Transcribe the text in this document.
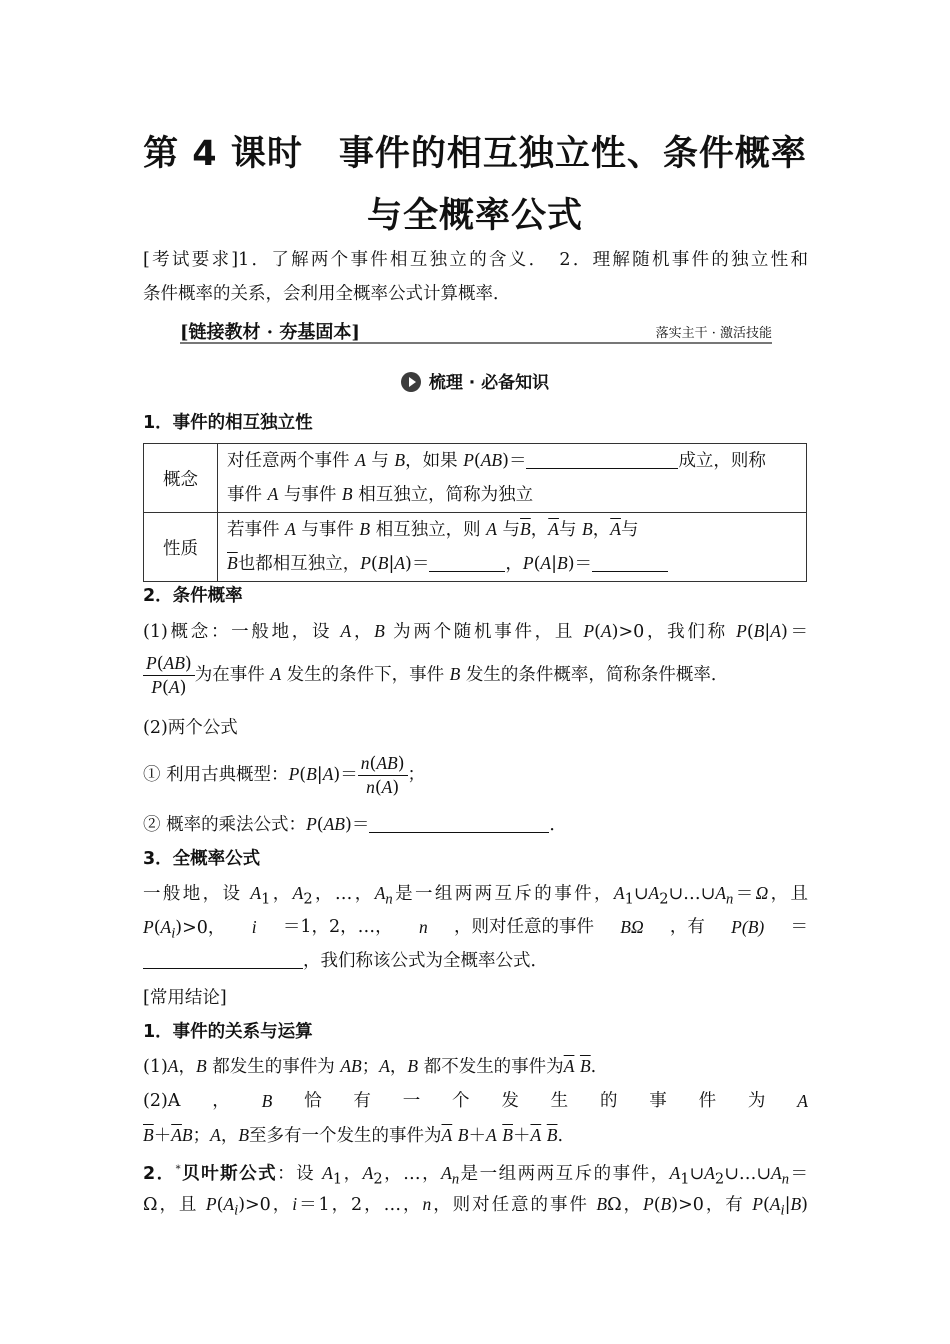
第 4 课时　事件的相互独立性、条件概率
与全概率公式
[考试要求]1．了解两个事件相互独立的含义．　2．理解随机事件的独立性和
条件概率的关系，会利用全概率公式计算概率．
[链接教材 · 夯基固本]	落实主干 · 激活技能
梳理 · 必备知识
1．事件的相互独立性
概念	对任意两个事件 A 与 B，如果 P(AB)＝ 成立，则称
事件 A 与事件 B 相互独立，简称为独立
性质	若事件 A 与事件 B 相互独立，则 A 与$\overline{B}$，$\overline{A}$与 B，$\overline{A}$与
$\overline{B}$也都相互独立，P(B|A)＝ ，P(A|B)＝
2．条件概率
(1)概念：一般地，设 A，B 为两个随机事件，且 P(A)>0，我们称 P(B|A)＝
$\frac{P(AB)}{P(A)}$ 为在事件 A 发生的条件下，事件 B 发生的条件概率，简称条件概率．
(2)两个公式
① 利用古典概型：$P(B|A)= \frac{n(AB)}{n(A)}$ ；
② 概率的乘法公式：P(AB)＝	．
3．全概率公式
一般地，设 $A_1$，$A_2$，…，$A_n$是一组两两互斥的事件，$A_1\cup A_2\cup\dots\cup A_n=\Omega$，且
$P(A_i)>0$， i ＝1，2，…， n ，则对任意的事件 BΩ ，有 P(B) ＝
，我们称该公式为全概率公式．
[常用结论]
1．事件的关系与运算
(1)A，B 都发生的事件为 AB；A，B 都不发生的事件为$\overline{A}$ $\overline{B}$.
(2)A ， B 恰 有 一 个 发 生 的 事 件 为 A
$\overline{B}+\overline{A}B$；A，B至多有一个发生的事件为$\overline{A}$ B＋A $\overline{B}+\overline{A}$ $\overline{B}$.
2．*贝叶斯公式：设 $A_1$，$A_2$，…，$A_n$是一组两两互斥的事件，$A_1\cup A_2\cup\dots\cup A_n=$
Ω，且 $P(A_i)>0$，i＝1，2，…，n，则对任意的事件 BΩ，P(B)>0，有 $P(A_i|B)$
